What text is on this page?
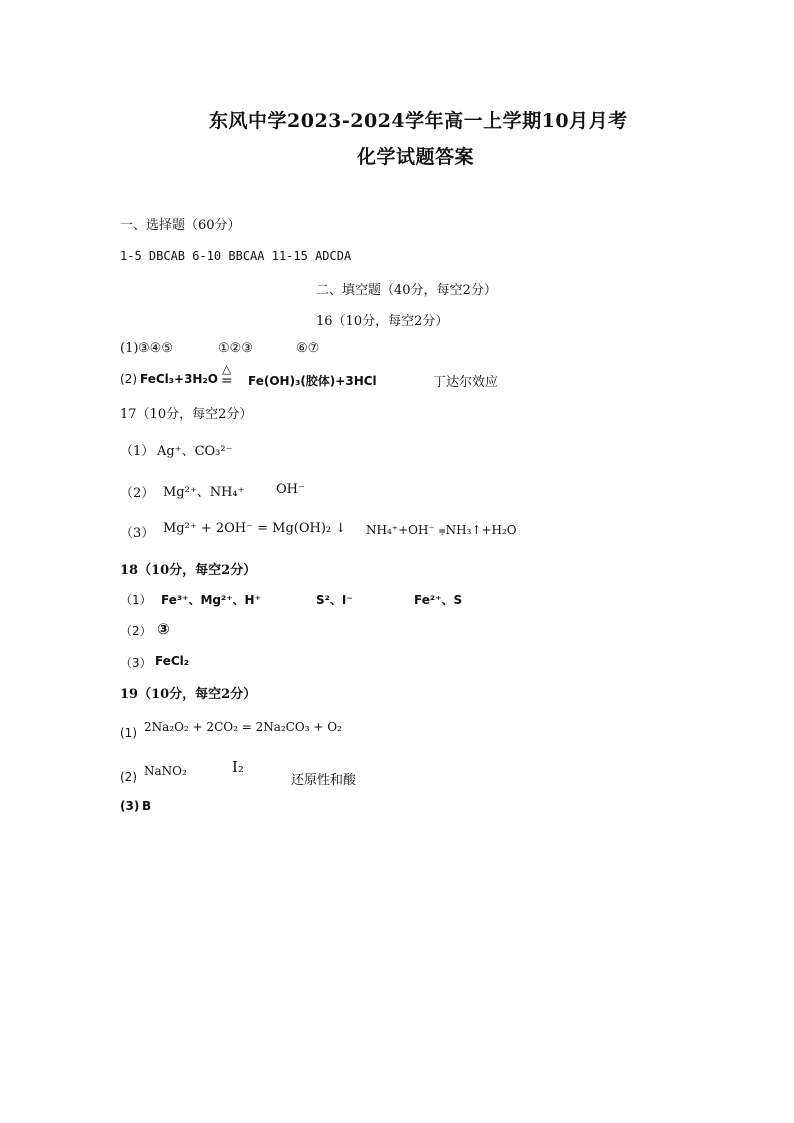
东风中学2023-2024学年高一上学期10月月考
化学试题答案
一、选择题（60分）
1-5 DBCAB 6-10 BBCAA 11-15 ADCDA
二、填空题（40分，每空2分）
16（10分，每空2分）
(1) ③④⑤	①②③	⑥⑦
(2) FeCl₃+3H₂O
△
= Fe(OH)₃(胶体)+3HCl	丁达尔效应
17（10分，每空2分）
（1） Ag⁺、CO₃²⁻
（2） Mg²⁺、NH₄⁺ OH⁻
（3） Mg²⁺ + 2OH⁻ = Mg(OH)₂ ↓ NH₄⁺+OH⁻ ⩦NH₃↑+H₂O
18（10分，每空2分）
（1） Fe³⁺、Mg²⁺、H⁺	S²、I⁻	Fe²⁺、S
（2） ③
（3） FeCl₂
19（10分，每空2分）
(1) 2Na₂O₂ + 2CO₂ = 2Na₂CO₃ + O₂
(2) NaNO₂	I₂
还原性和酸
(3) B
